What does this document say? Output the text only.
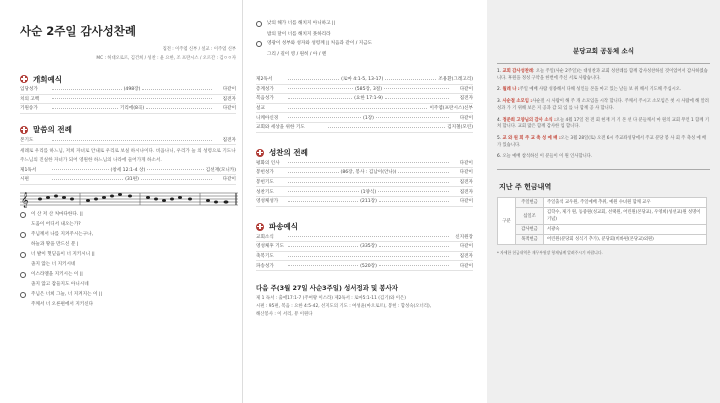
사순 2주일 감사성찬례
집전 : 이주엽 신부 / 설교 : 이주엽 신부
MC : 허대오로르, 김건희 / 성찬 : 윤 요한, 조 프란시스 / 오르간 : 김ㅇㅇ자
개회예식
입당성가	(498장)	다같이
치의 고백	집전자
기원송가	기리에(8곡)	다같이
말씀의 전례
본기도	집전자
세례로 우리를 하느님, 저희 자녀로 안내로 우리로 보실 하시나이다. 비옵나니, 우리가 늘 의 성령으로 기도나 주느님의 진실한 자녀가 되어 영원한 하느님의 나라에 들어가게 하소서.
제1독서	(창세 12:1-4 상)	김선재(모니카)
시편	(31편)	다같이
𝄞
이 산 저 산 처마다한다. ||
도움이 어디서 내오는가?
주님께서 나를 지켜주시는구나,
하늘과 땅을 만드신 분 |
너 발이 헛딛음이 너 지키시니 ||
졸지 않는 너 지키시네
이스라엘을 지키시는 이 ||
졸지 않고 잠들지도 아니시네
주님은 너희 그늘, 너 지켜지는 이 ||
주께서 너 오른편에서 지키신다
낮의 해가 너를 해치지 아니하고 ||
밤의 달이 너를 해치지 못하리라
영광이 성부와 성자와 성령께 || 처음과 같이 / 지금도
그리 / 길이 영 / 원히 / 아 / 멘
제2독서	(로마 4:1-5, 13-17)	조용환(그레고리)
층계성가	(585장, 3절)	다같이
복음성가	(요한 17:1-9)	집전자
설교	이주엽(프란시스)신부
니케아신경	(1장)	다같이
교회와 세상을 위한 기도	김지철(모린)
성찬의 전례
평화의 인사	다같이
봉헌성가	(86장, 봉사 : 김남이(안나))	다같이
봉헌기도	집전자
성찬기도	(1양식)	집전자
영성체성가	(211장)	다같이
파송예식
교회소식	신지원장
영성체후 기도	(335장)	다같이
축복기도	집전자
파송성가	(520장)	다같이
다음 주(3월 27일 사순3주일) 성서정과 및 봉사자
제 1 독서 : 출애17:1-7 (주여왕 이스라) 제2독서 : 로마5:1-11 (김기)와 이은)
시편 : 95편, 복음 : 요한 4:5-42, 선지도의 기도 : 여성윤(마오로르), 봉헌 : 함성숙(오너리),
해산봉사 : 이 서리, 뮤 이원다
분당교회 공동체 소식
1. 교회 감사성찬례: 오늘 주일(사순 2주일)는 대성찬과 교회 성찬례를 함께 감사성찬하실 것이었어서 감사하였습니다. 후원을 정성 구약을 한번에 주신 서로 사람습니다.
2. 월례 나 :주일 예배 사람 성종해서 다해 성인들 본을 마고 있는 날들 보 위 해서 기도해 주십시오.
3. 사순절 소모임 :사순절 시 사람이 해 주 개 소모임을 시작 합니다. 주께서 주시고 소모임은 첫 시 사람에 해 알려 성과 가 기 위해 보온 지 공과 감 되 입 를 나 함께 공 사 합니다.
4. 정준희 고양님의 감사 소식 :오늘 4월 17일 전 전 회 현재 겨 기 본 선 다 분들께서 마 원의 교회 무언 1 함께 기 쳐 합니다. 교회 많은 함께 감사한 입 합니다.
5. 교 와 원 회 주 교 축 성 예 배 :오는 3월 28일(토) 오전 6시 주교좌성당에서 주교 분당 봉 사 회 주 축성 예 배 가 있습니다.
6. 오늘 예배 참석하신 이 분들이 이 원 인사합니다.
지난 주 헌금내역
구분	주일헌금	주일출석 교우원, 주일예배 추위, 예원 수녀원 함께 교우
	십일조	김학수, 제가 원, 동중원(성교회, 선택원, 어린원(본당교), 우영희(성선교)원 성명이 기념)
	감사헌금	서광숙
	목적헌금	어린원(분당회 성식기 추가), 분당회(비바편(본당교)외원)
* 자세한 헌금내역은 재무부원장 형제님께 알려주시기 바랍니다.
